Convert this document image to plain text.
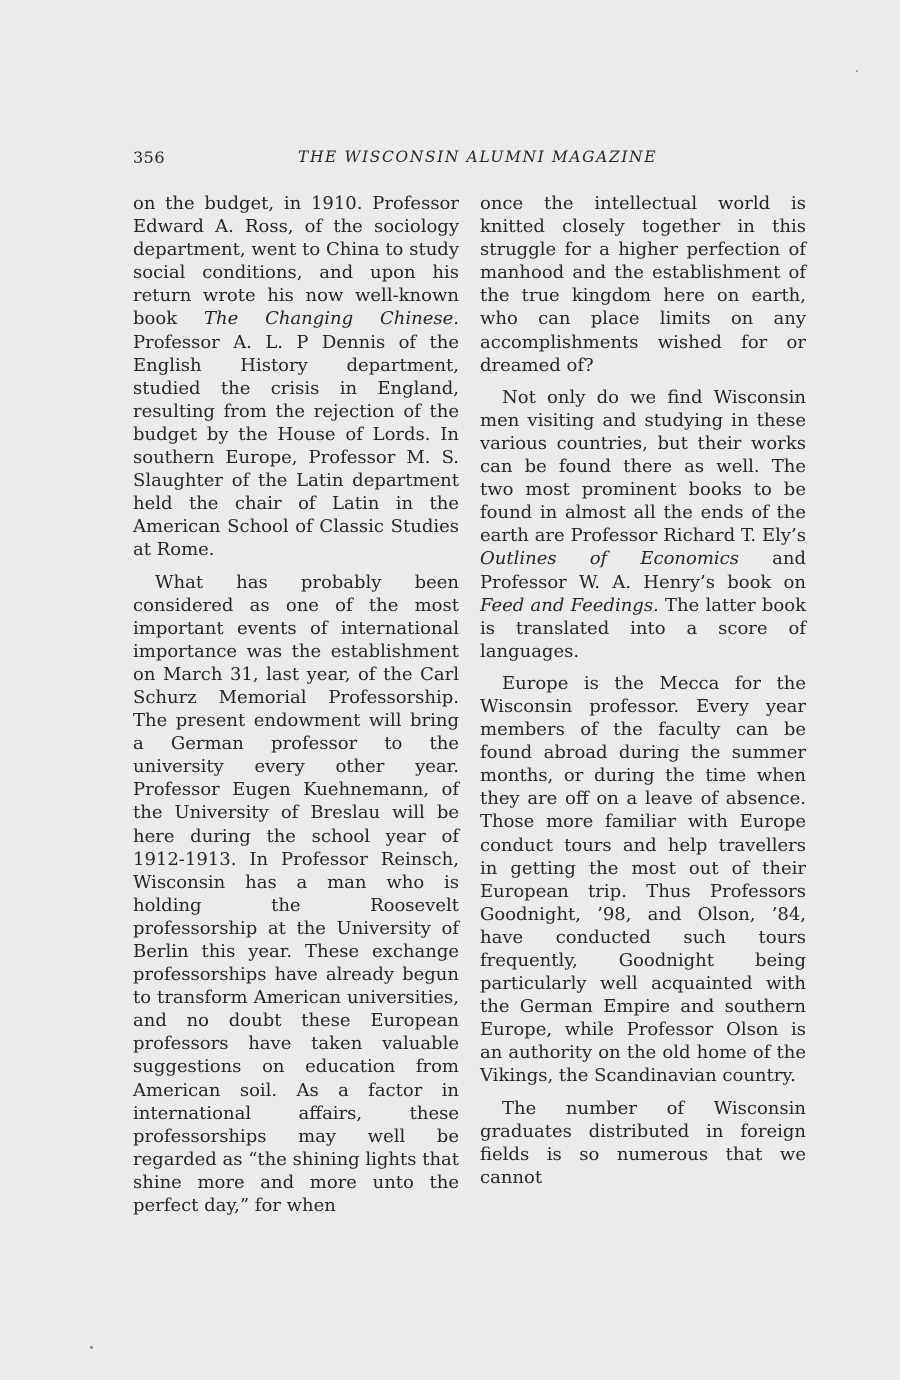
356	THE WISCONSIN ALUMNI MAGAZINE

on the budget, in 1910. Professor Edward A. Ross, of the sociology department, went to China to study social conditions, and upon his return wrote his now well-known book The Changing Chinese. Professor A. L. P Dennis of the English History department, studied the crisis in England, resulting from the rejection of the budget by the House of Lords. In southern Europe, Professor M. S. Slaughter of the Latin department held the chair of Latin in the American School of Classic Studies at Rome.

What has probably been considered as one of the most important events of international importance was the establishment on March 31, last year, of the Carl Schurz Memorial Professorship. The present endowment will bring a German professor to the university every other year. Professor Eugen Kuehnemann, of the University of Breslau will be here during the school year of 1912-1913. In Professor Reinsch, Wisconsin has a man who is holding the Roosevelt professorship at the University of Berlin this year. These exchange professorships have already begun to transform American universities, and no doubt these European professors have taken valuable suggestions on education from American soil. As a factor in international affairs, these professorships may well be regarded as “the shining lights that shine more and more unto the perfect day,” for when

once the intellectual world is knitted closely together in this struggle for a higher perfection of manhood and the establishment of the true kingdom here on earth, who can place limits on any accomplishments wished for or dreamed of?

Not only do we find Wisconsin men visiting and studying in these various countries, but their works can be found there as well. The two most prominent books to be found in almost all the ends of the earth are Professor Richard T. Ely’s Outlines of Economics and Professor W. A. Henry’s book on Feed and Feedings. The latter book is translated into a score of languages.

Europe is the Mecca for the Wisconsin professor. Every year members of the faculty can be found abroad during the summer months, or during the time when they are off on a leave of absence. Those more familiar with Europe conduct tours and help travellers in getting the most out of their European trip. Thus Professors Goodnight, ’98, and Olson, ’84, have conducted such tours frequently, Goodnight being particularly well acquainted with the German Empire and southern Europe, while Professor Olson is an authority on the old home of the Vikings, the Scandinavian country.

The number of Wisconsin graduates distributed in foreign fields is so numerous that we cannot
